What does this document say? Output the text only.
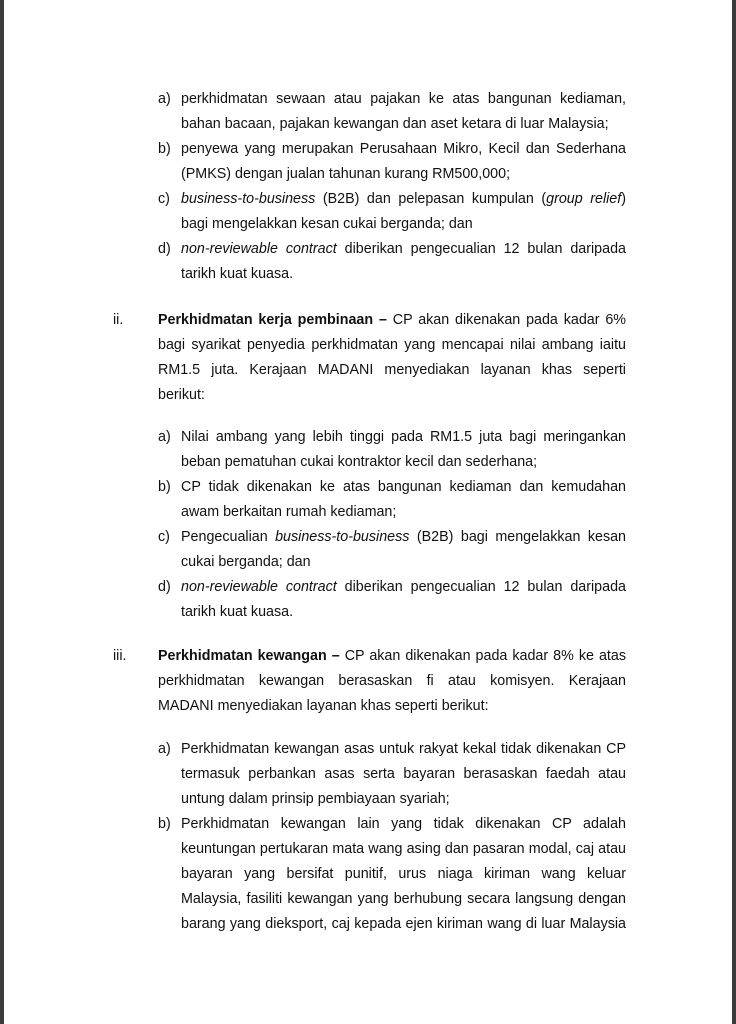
a) perkhidmatan sewaan atau pajakan ke atas bangunan kediaman,
bahan bacaan, pajakan kewangan dan aset ketara di luar Malaysia;
b) penyewa yang merupakan Perusahaan Mikro, Kecil dan Sederhana
(PMKS) dengan jualan tahunan kurang RM500,000;
c) business-to-business (B2B) dan pelepasan kumpulan (group relief)
bagi mengelakkan kesan cukai berganda; dan
d) non-reviewable contract diberikan pengecualian 12 bulan daripada
tarikh kuat kuasa.
ii. Perkhidmatan kerja pembinaan – CP akan dikenakan pada kadar 6%
bagi syarikat penyedia perkhidmatan yang mencapai nilai ambang iaitu
RM1.5 juta. Kerajaan MADANI menyediakan layanan khas seperti
berikut:
a) Nilai ambang yang lebih tinggi pada RM1.5 juta bagi meringankan
beban pematuhan cukai kontraktor kecil dan sederhana;
b) CP tidak dikenakan ke atas bangunan kediaman dan kemudahan
awam berkaitan rumah kediaman;
c) Pengecualian business-to-business (B2B) bagi mengelakkan kesan
cukai berganda; dan
d) non-reviewable contract diberikan pengecualian 12 bulan daripada
tarikh kuat kuasa.
iii. Perkhidmatan kewangan – CP akan dikenakan pada kadar 8% ke atas
perkhidmatan kewangan berasaskan fi atau komisyen. Kerajaan
MADANI menyediakan layanan khas seperti berikut:
a) Perkhidmatan kewangan asas untuk rakyat kekal tidak dikenakan CP
termasuk perbankan asas serta bayaran berasaskan faedah atau
untung dalam prinsip pembiayaan syariah;
b) Perkhidmatan kewangan lain yang tidak dikenakan CP adalah
keuntungan pertukaran mata wang asing dan pasaran modal, caj atau
bayaran yang bersifat punitif, urus niaga kiriman wang keluar
Malaysia, fasiliti kewangan yang berhubung secara langsung dengan
barang yang dieksport, caj kepada ejen kiriman wang di luar Malaysia
